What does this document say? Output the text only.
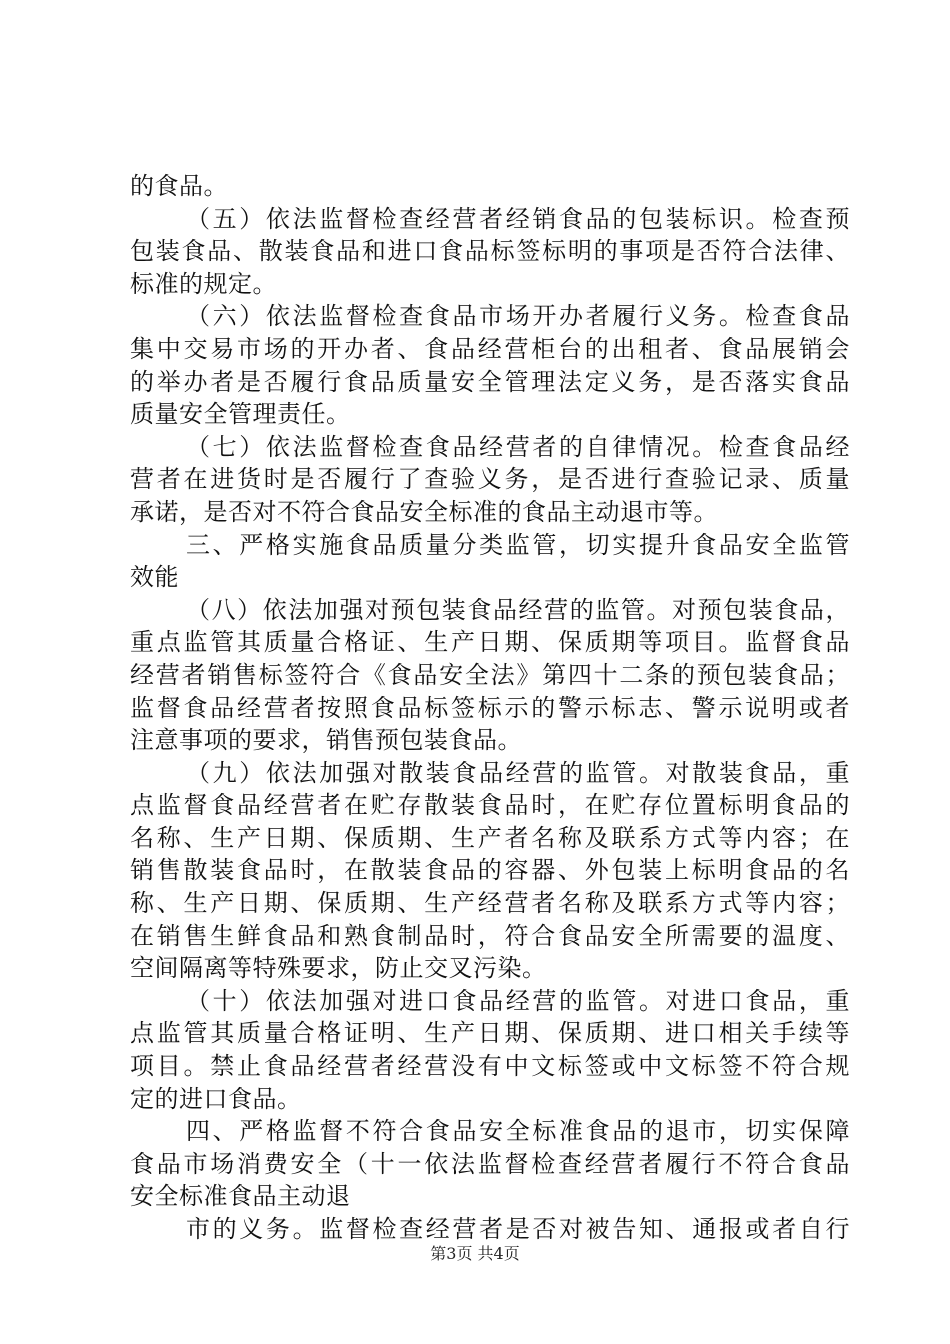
的食品。
（五）依法监督检查经营者经销食品的包装标识。检查预
包装食品、散装食品和进口食品标签标明的事项是否符合法律、
标准的规定。
（六）依法监督检查食品市场开办者履行义务。检查食品
集中交易市场的开办者、食品经营柜台的出租者、食品展销会
的举办者是否履行食品质量安全管理法定义务，是否落实食品
质量安全管理责任。
（七）依法监督检查食品经营者的自律情况。检查食品经
营者在进货时是否履行了查验义务，是否进行查验记录、质量
承诺，是否对不符合食品安全标准的食品主动退市等。
三、严格实施食品质量分类监管，切实提升食品安全监管
效能
（八）依法加强对预包装食品经营的监管。对预包装食品，
重点监管其质量合格证、生产日期、保质期等项目。监督食品
经营者销售标签符合《食品安全法》第四十二条的预包装食品；
监督食品经营者按照食品标签标示的警示标志、警示说明或者
注意事项的要求，销售预包装食品。
（九）依法加强对散装食品经营的监管。对散装食品，重
点监督食品经营者在贮存散装食品时，在贮存位置标明食品的
名称、生产日期、保质期、生产者名称及联系方式等内容；在
销售散装食品时，在散装食品的容器、外包装上标明食品的名
称、生产日期、保质期、生产经营者名称及联系方式等内容；
在销售生鲜食品和熟食制品时，符合食品安全所需要的温度、
空间隔离等特殊要求，防止交叉污染。
（十）依法加强对进口食品经营的监管。对进口食品，重
点监管其质量合格证明、生产日期、保质期、进口相关手续等
项目。禁止食品经营者经营没有中文标签或中文标签不符合规
定的进口食品。
四、严格监督不符合食品安全标准食品的退市，切实保障
食品市场消费安全（十一依法监督检查经营者履行不符合食品
安全标准食品主动退
市的义务。监督检查经营者是否对被告知、通报或者自行
第3页 共4页
